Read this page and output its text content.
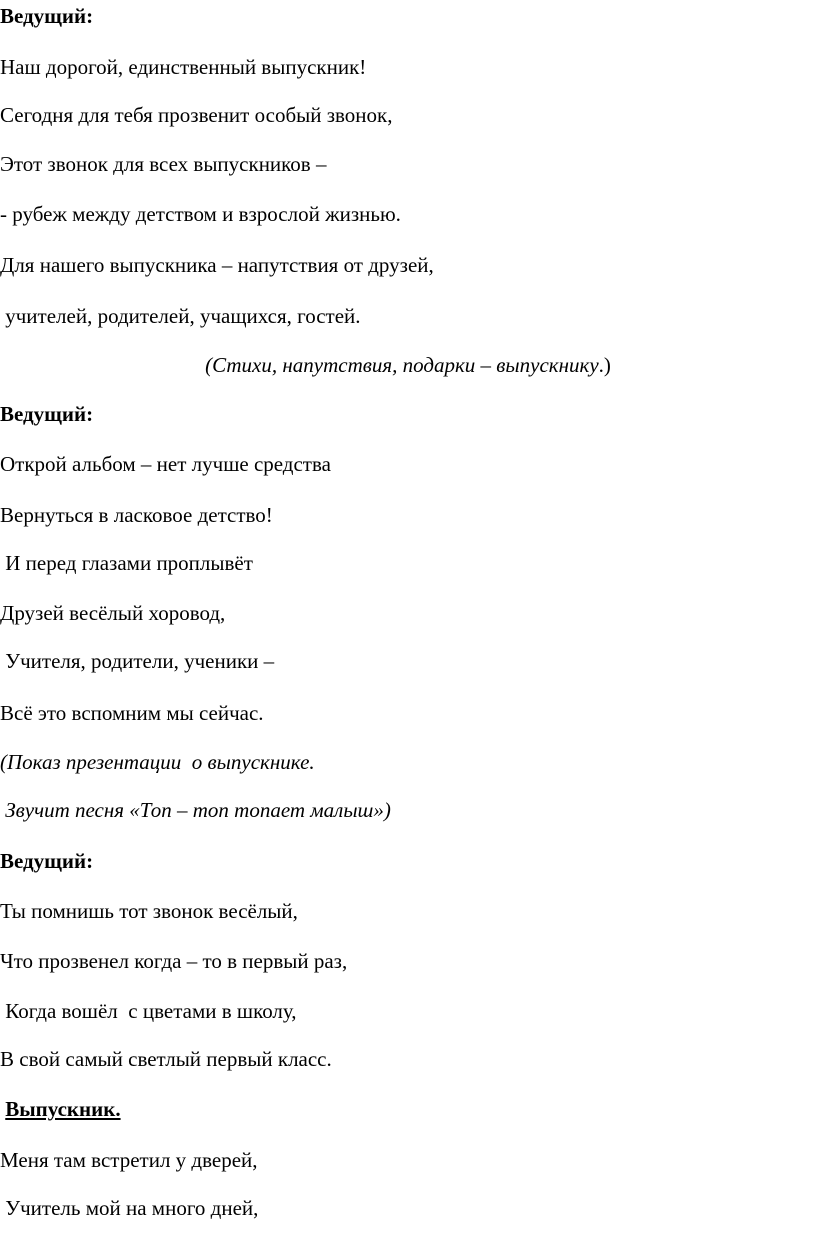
Ведущий:
Наш дорогой, единственный выпускник!
Сегодня для тебя прозвенит особый звонок,
Этот звонок для всех выпускников –
- рубеж между детством и взрослой жизнью.
Для нашего выпускника – напутствия от друзей,
учителей, родителей, учащихся, гостей.
(Стихи, напутствия, подарки – выпускнику.)
Ведущий:
Открой альбом – нет лучше средства
Вернуться в ласковое детство!
И перед глазами проплывёт
Друзей весёлый хоровод,
Учителя, родители, ученики –
Всё это вспомним мы сейчас.
(Показ презентации  о выпускнике.
Звучит песня «Топ – топ топает малыш»)
Ведущий:
Ты помнишь тот звонок весёлый,
Что прозвенел когда – то в первый раз,
Когда вошёл  с цветами в школу,
В свой самый светлый первый класс.
Выпускник.
Меня там встретил у дверей,
Учитель мой на много дней,
